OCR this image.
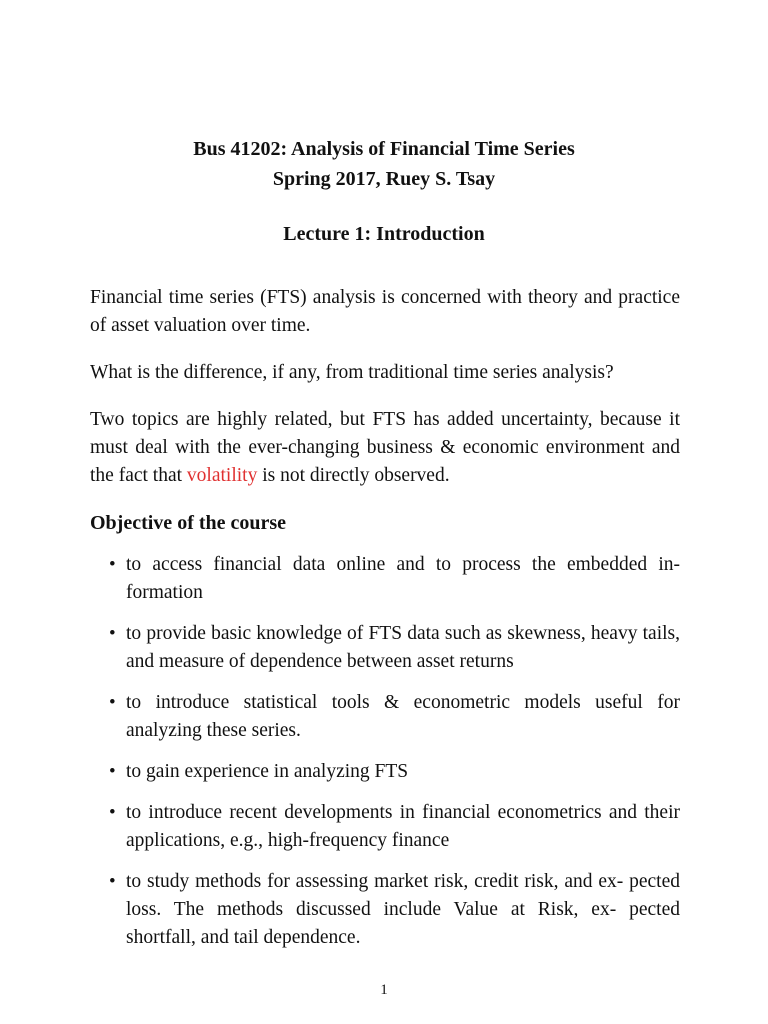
Bus 41202: Analysis of Financial Time Series
Spring 2017, Ruey S. Tsay
Lecture 1: Introduction
Financial time series (FTS) analysis is concerned with theory and practice of asset valuation over time.
What is the difference, if any, from traditional time series analysis?
Two topics are highly related, but FTS has added uncertainty, because it must deal with the ever-changing business & economic environment and the fact that volatility is not directly observed.
Objective of the course
• to access financial data online and to process the embedded in- formation
• to provide basic knowledge of FTS data such as skewness, heavy tails, and measure of dependence between asset returns
• to introduce statistical tools & econometric models useful for analyzing these series.
• to gain experience in analyzing FTS
• to introduce recent developments in financial econometrics and their applications, e.g., high-frequency finance
• to study methods for assessing market risk, credit risk, and ex- pected loss. The methods discussed include Value at Risk, ex- pected shortfall, and tail dependence.
1
